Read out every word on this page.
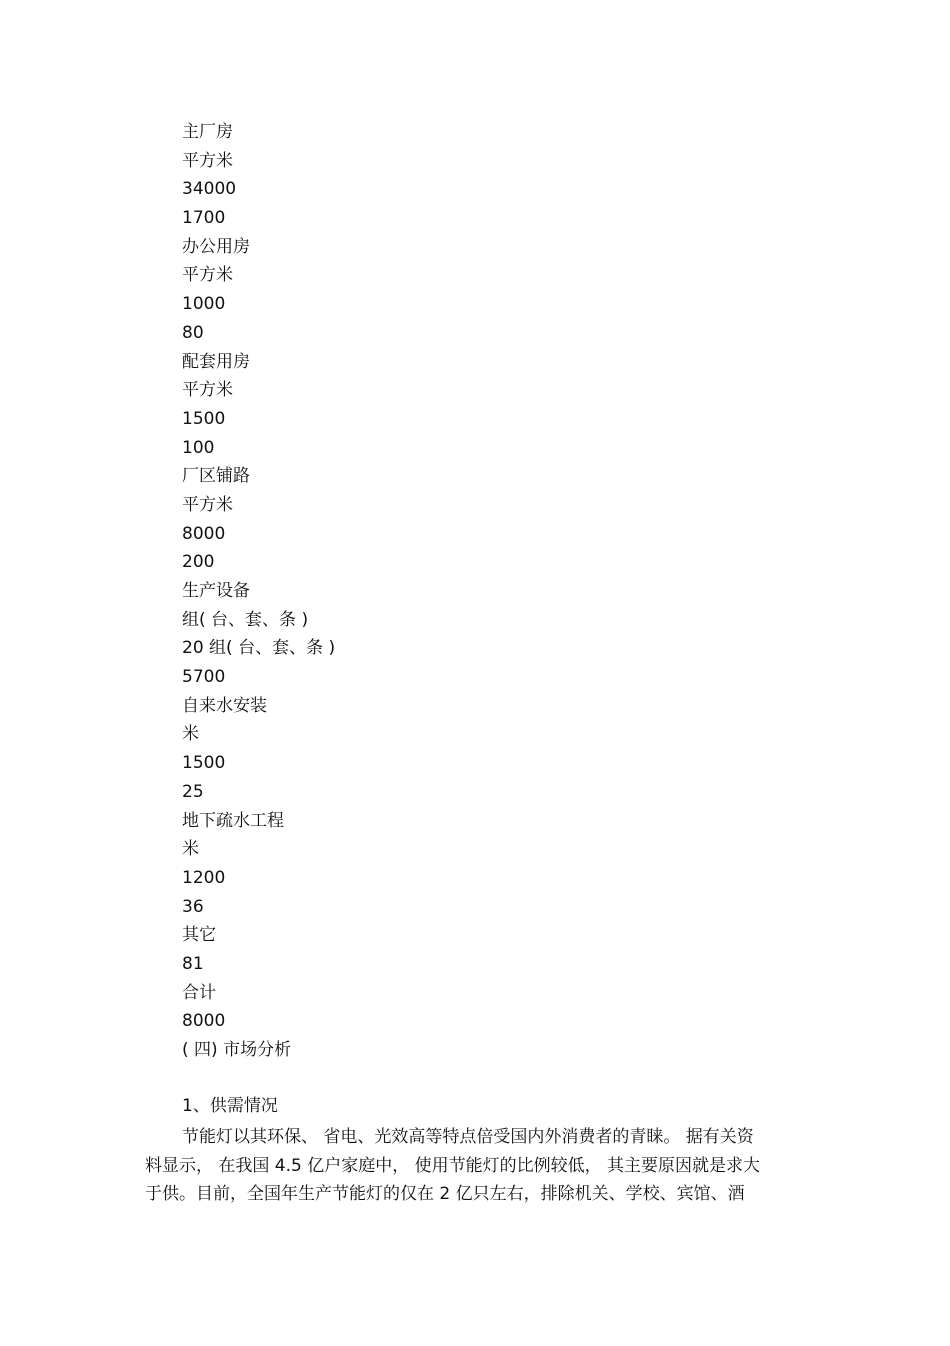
主厂房
平方米
34000
1700
办公用房
平方米
1000
80
配套用房
平方米
1500
100
厂区铺路
平方米
8000
200
生产设备
组( 台、套、条 )
20 组( 台、套、条 )
5700
自来水安装
米
1500
25
地下疏水工程
米
1200
36
其它
81
合计
8000
( 四) 市场分析
1、供需情况
节能灯以其环保、 省电、光效高等特点倍受国内外消费者的青睐。 据有关资
料显示， 在我国 4.5 亿户家庭中， 使用节能灯的比例较低， 其主要原因就是求大
于供。目前，全国年生产节能灯的仅在 2 亿只左右，排除机关、学校、宾馆、酒
